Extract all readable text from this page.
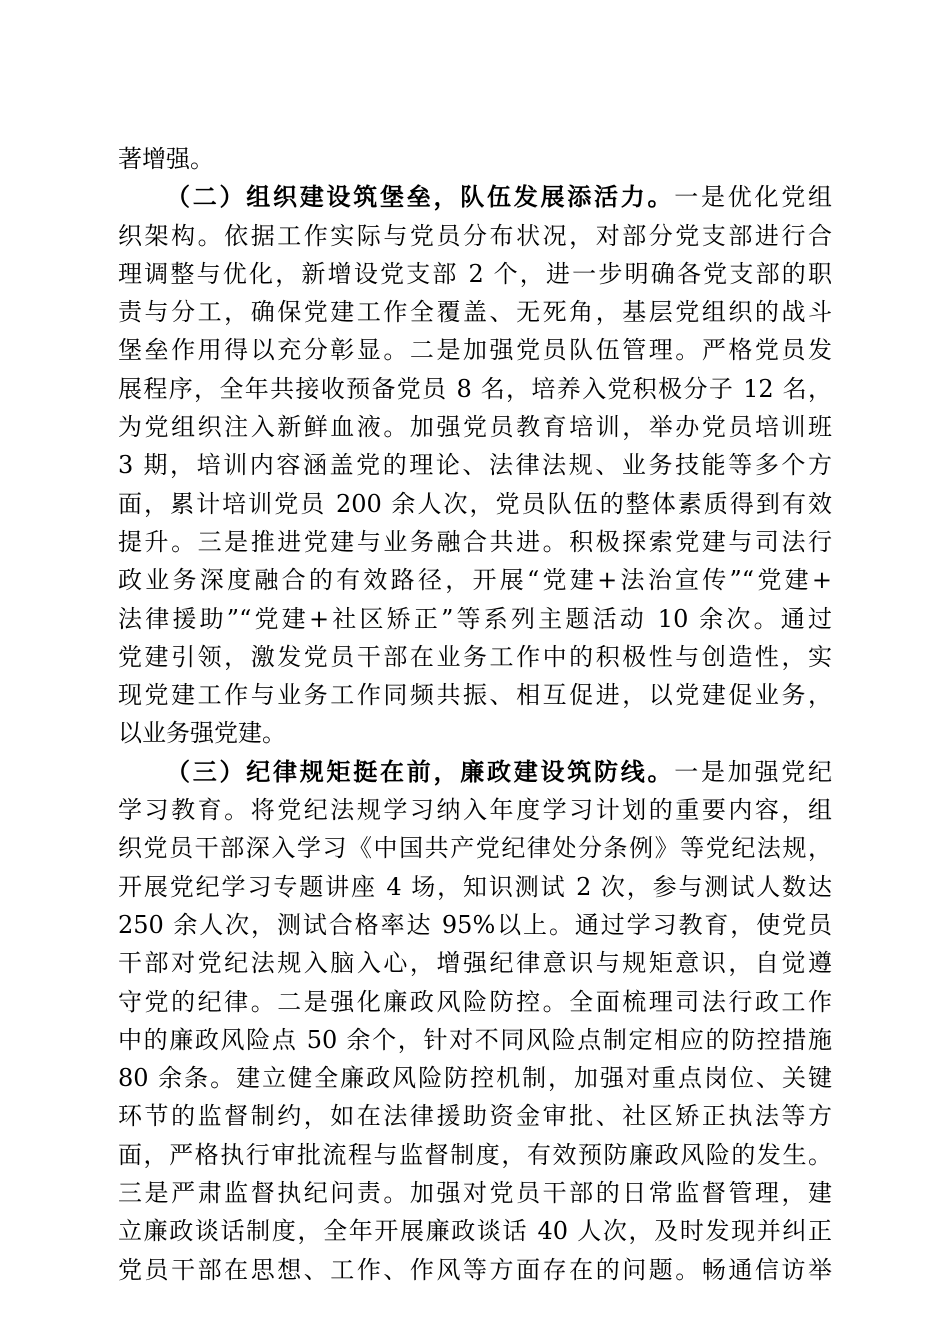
著增强。
（二）组织建设筑堡垒，队伍发展添活力。一是优化党组
织架构。依据工作实际与党员分布状况，对部分党支部进行合
理调整与优化，新增设党支部 2 个，进一步明确各党支部的职
责与分工，确保党建工作全覆盖、无死角，基层党组织的战斗
堡垒作用得以充分彰显。二是加强党员队伍管理。严格党员发
展程序，全年共接收预备党员 8 名，培养入党积极分子 12 名，
为党组织注入新鲜血液。加强党员教育培训，举办党员培训班
3 期，培训内容涵盖党的理论、法律法规、业务技能等多个方
面，累计培训党员 200 余人次，党员队伍的整体素质得到有效
提升。三是推进党建与业务融合共进。积极探索党建与司法行
政业务深度融合的有效路径，开展“党建+法治宣传”“党建+
法律援助”“党建+社区矫正”等系列主题活动 10 余次。通过
党建引领，激发党员干部在业务工作中的积极性与创造性，实
现党建工作与业务工作同频共振、相互促进，以党建促业务，
以业务强党建。
（三）纪律规矩挺在前，廉政建设筑防线。一是加强党纪
学习教育。将党纪法规学习纳入年度学习计划的重要内容，组
织党员干部深入学习《中国共产党纪律处分条例》等党纪法规，
开展党纪学习专题讲座 4 场，知识测试 2 次，参与测试人数达
250 余人次，测试合格率达 95%以上。通过学习教育，使党员
干部对党纪法规入脑入心，增强纪律意识与规矩意识，自觉遵
守党的纪律。二是强化廉政风险防控。全面梳理司法行政工作
中的廉政风险点 50 余个，针对不同风险点制定相应的防控措施
80 余条。建立健全廉政风险防控机制，加强对重点岗位、关键
环节的监督制约，如在法律援助资金审批、社区矫正执法等方
面，严格执行审批流程与监督制度，有效预防廉政风险的发生。
三是严肃监督执纪问责。加强对党员干部的日常监督管理，建
立廉政谈话制度，全年开展廉政谈话 40 人次，及时发现并纠正
党员干部在思想、工作、作风等方面存在的问题。畅通信访举
